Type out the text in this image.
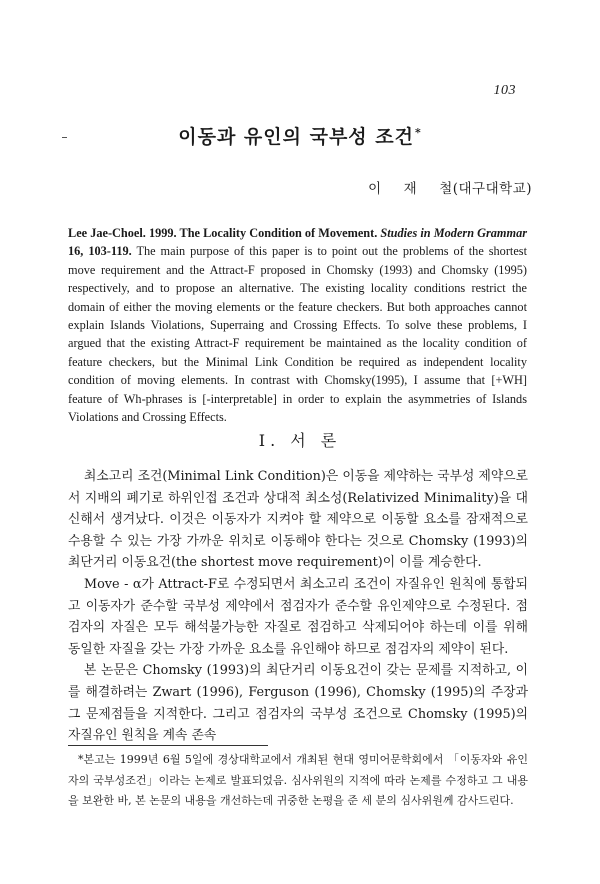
103
이동과 유인의 국부성 조건*
이 재 철(대구대학교)

Lee Jae-Choel. 1999. The Locality Condition of Movement. Studies in Modern Grammar 16, 103-119. The main purpose of this paper is to point out the problems of the shortest move requirement and the Attract-F proposed in Chomsky (1993) and Chomsky (1995) respectively, and to propose an alternative. The existing locality conditions restrict the domain of either the moving elements or the feature checkers. But both approaches cannot explain Islands Violations, Superraing and Crossing Effects. To solve these problems, I argued that the existing Attract-F requirement be maintained as the locality condition of feature checkers, but the Minimal Link Condition be required as independent locality condition of moving elements. In contrast with Chomsky(1995), I assume that [+WH] feature of Wh-phrases is [-interpretable] in order to explain the asymmetries of Islands Violations and Crossing Effects.

I. 서 론

최소고리 조건(Minimal Link Condition)은 이동을 제약하는 국부성 제약으로서 지배의 폐기로 하위인접 조건과 상대적 최소성(Relativized Minimality)을 대신해서 생겨났다. 이것은 이동자가 지켜야 할 제약으로 이동할 요소를 잠재적으로 수용할 수 있는 가장 가까운 위치로 이동해야 한다는 것으로 Chomsky (1993)의 최단거리 이동요건(the shortest move requirement)이 이를 계승한다.

Move - α가 Attract-F로 수정되면서 최소고리 조건이 자질유인 원칙에 통합되고 이동자가 준수할 국부성 제약에서 점검자가 준수할 유인제약으로 수정된다. 점검자의 자질은 모두 해석불가능한 자질로 점검하고 삭제되어야 하는데 이를 위해 동일한 자질을 갖는 가장 가까운 요소를 유인해야 하므로 점검자의 제약이 된다.

본 논문은 Chomsky (1993)의 최단거리 이동요건이 갖는 문제를 지적하고, 이를 해결하려는 Zwart (1996), Ferguson (1996), Chomsky (1995)의 주장과 그 문제점들을 지적한다. 그리고 점검자의 국부성 조건으로 Chomsky (1995)의 자질유인 원칙을 계속 존속

*본고는 1999년 6월 5일에 경상대학교에서 개최된 현대 영미어문학회에서 「이동자와 유인자의 국부성조건」이라는 논제로 발표되었음. 심사위원의 지적에 따라 논제를 수정하고 그 내용을 보완한 바, 본 논문의 내용을 개선하는데 귀중한 논평을 준 세 분의 심사위원께 감사드린다.
